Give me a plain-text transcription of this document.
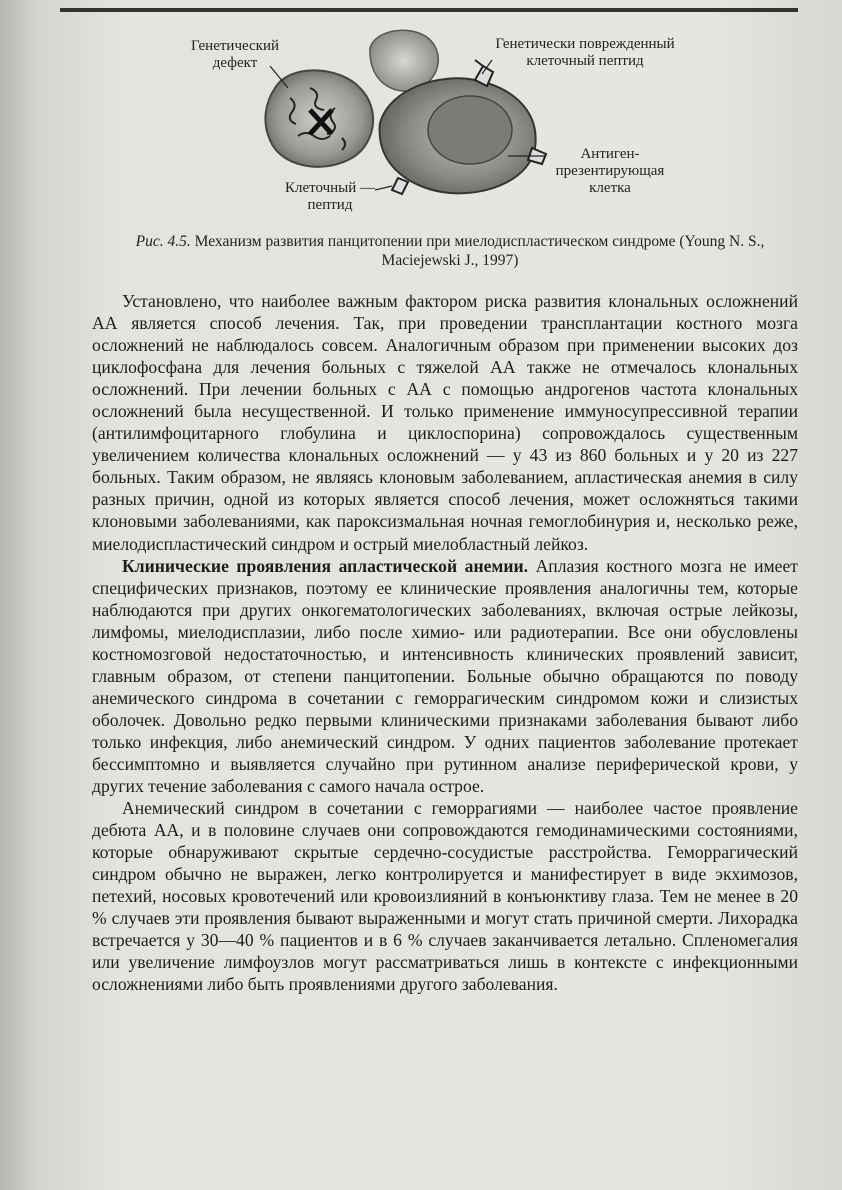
Генетический
дефект
Генетически поврежденный
клеточный пептид
Антиген-
презентирующая
клетка
Клеточный —
пептид
Рис. 4.5. Механизм развития панцитопении при миелодиспластическом синдроме (Young N. S.,
Maciejewski J., 1997)

Установлено, что наиболее важным фактором риска развития клональных осложнений АА является способ лечения. Так, при проведении трансплантации костного мозга осложнений не наблюдалось совсем. Аналогичным образом при применении высоких доз циклофосфана для лечения больных с тяжелой АА также не отмечалось клональных осложнений. При лечении больных с АА с помощью андрогенов частота клональных осложнений была несущественной. И только применение иммуносупрессивной терапии (антилимфоцитарного глобулина и циклоспорина) сопровождалось существенным увеличением количества клональных осложнений — у 43 из 860 больных и у 20 из 227 больных. Таким образом, не являясь клоновым заболеванием, апластическая анемия в силу разных причин, одной из которых является способ лечения, может осложняться такими клоновыми заболеваниями, как пароксизмальная ночная гемоглобинурия и, несколько реже, миелодиспластический синдром и острый миелобластный лейкоз.

Клинические проявления апластической анемии. Аплазия костного мозга не имеет специфических признаков, поэтому ее клинические проявления аналогичны тем, которые наблюдаются при других онкогематологических заболеваниях, включая острые лейкозы, лимфомы, миелодисплазии, либо после химио- или радиотерапии. Все они обусловлены костномозговой недостаточностью, и интенсивность клинических проявлений зависит, главным образом, от степени панцитопении. Больные обычно обращаются по поводу анемического синдрома в сочетании с геморрагическим синдромом кожи и слизистых оболочек. Довольно редко первыми клиническими признаками заболевания бывают либо только инфекция, либо анемический синдром. У одних пациентов заболевание протекает бессимптомно и выявляется случайно при рутинном анализе периферической крови, у других течение заболевания с самого начала острое.

Анемический синдром в сочетании с геморрагиями — наиболее частое проявление дебюта АА, и в половине случаев они сопровождаются гемодинамическими состояниями, которые обнаруживают скрытые сердечно-сосудистые расстройства. Геморрагический синдром обычно не выражен, легко контролируется и манифестирует в виде экхимозов, петехий, носовых кровотечений или кровоизлияний в конъюнктиву глаза. Тем не менее в 20 % случаев эти проявления бывают выраженными и могут стать причиной смерти. Лихорадка встречается у 30—40 % пациентов и в 6 % случаев заканчивается летально. Спленомегалия или увеличение лимфоузлов могут рассматриваться лишь в контексте с инфекционными осложнениями либо быть проявлениями другого заболевания.
